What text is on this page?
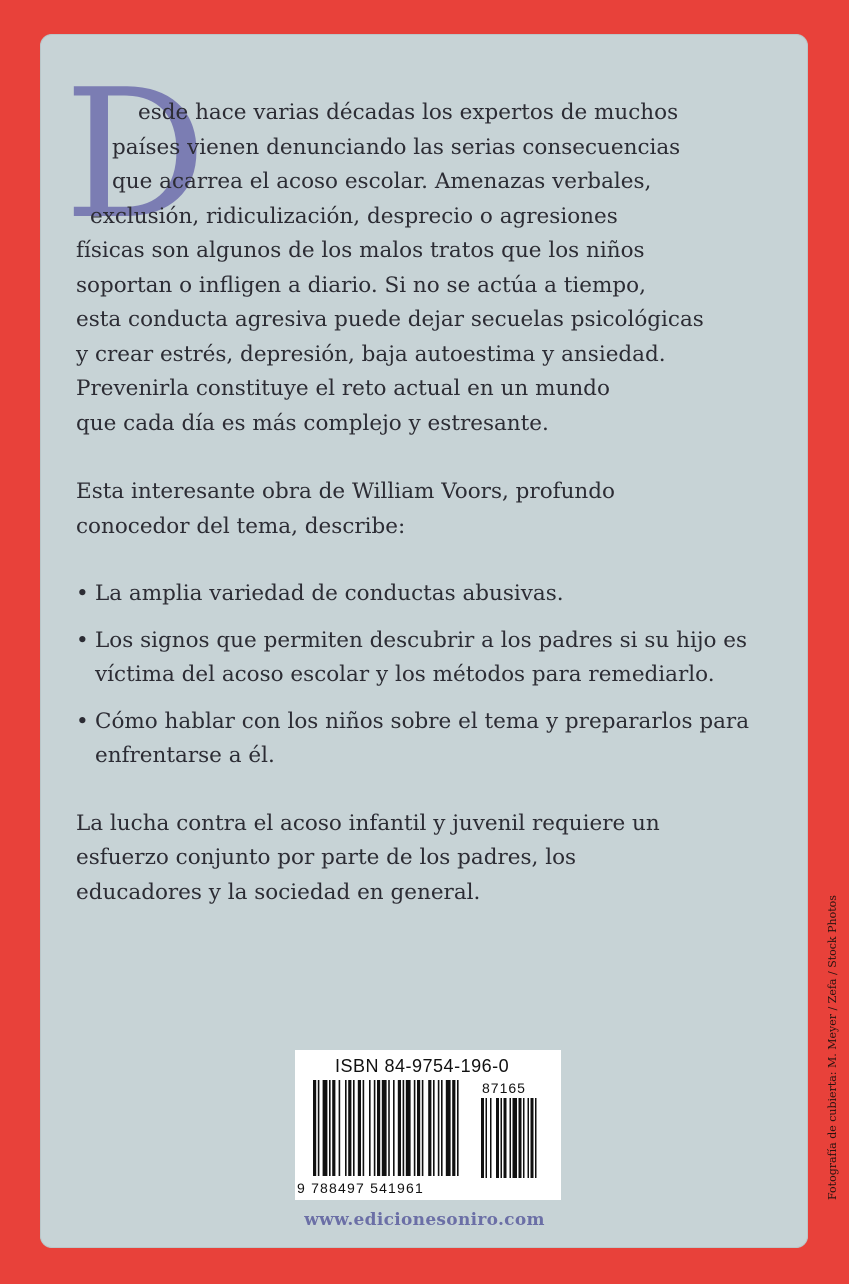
D
esde hace varias décadas los expertos de muchos
países vienen denunciando las serias consecuencias
que acarrea el acoso escolar. Amenazas verbales,
exclusión, ridiculización, desprecio o agresiones
físicas son algunos de los malos tratos que los niños
soportan o infligen a diario. Si no se actúa a tiempo,
esta conducta agresiva puede dejar secuelas psicológicas
y crear estrés, depresión, baja autoestima y ansiedad.
Prevenirla constituye el reto actual en un mundo
que cada día es más complejo y estresante.

Esta interesante obra de William Voors, profundo conocedor del tema, describe:

• La amplia variedad de conductas abusivas.
• Los signos que permiten descubrir a los padres si su hijo es víctima del acoso escolar y los métodos para remediarlo.
• Cómo hablar con los niños sobre el tema y prepararlos para enfrentarse a él.

La lucha contra el acoso infantil y juvenil requiere un esfuerzo conjunto por parte de los padres, los educadores y la sociedad en general.

ISBN 84-9754-196-0
87165
9 788497 541961
www.edicionesoniro.com
Fotografía de cubierta: M. Meyer / Zefa / Stock Photos
